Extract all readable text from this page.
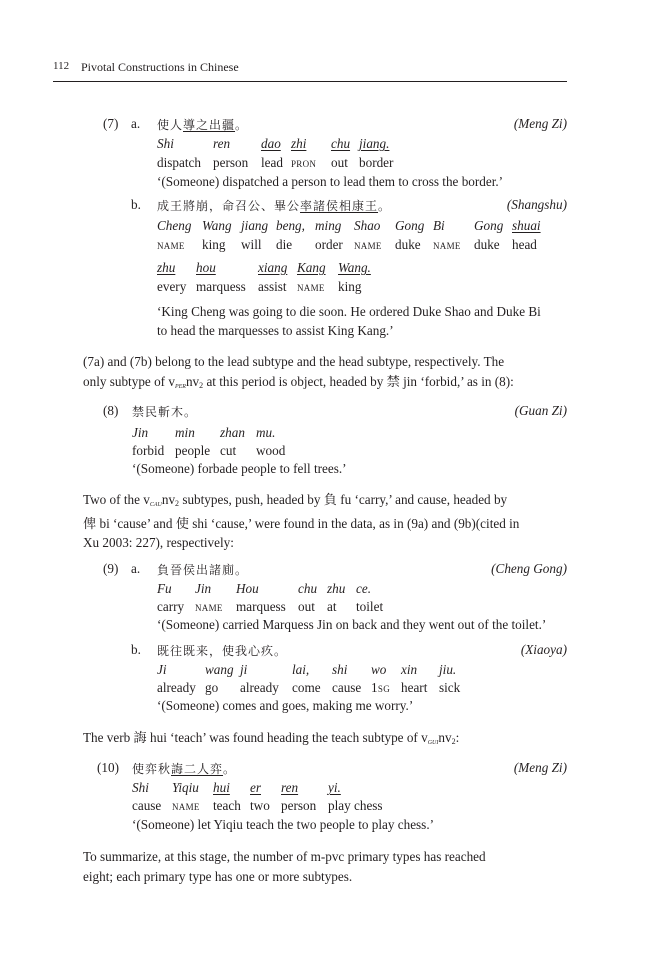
112 Pivotal Constructions in Chinese
(7) a. 使人導之出疆。	(Meng Zi)
Shi	ren dao zhi chu jiang.
dispatch person lead pron out border
‘(Someone) dispatched a person to lead them to cross the border.’
b. 成王將崩，命召公、畢公率諸侯相康王。	(Shangshu)
Cheng Wang jiang beng, ming Shao Gong Bi Gong shuai
name king will die order name duke name duke head
zhu hou	xiang Kang Wang.
every marquess assist name king
‘King Cheng was going to die soon. He ordered Duke Shao and Duke Bi
to head the marquesses to assist King Kang.’
(7a) and (7b) belong to the lead subtype and the head subtype, respectively. The
only subtype of $v_{per}nv_2$ at this period is object, headed by 禁 jin ‘forbid,’ as in (8):
(8) 禁民斬木。	(Guan Zi)
Jin min zhan mu.
forbid people cut wood
‘(Someone) forbade people to fell trees.’
Two of the $v_{cau}nv_2$ subtypes, push, headed by 負 fu ‘carry,’ and cause, headed by
俾 bi ‘cause’ and 使 shi ‘cause,’ were found in the data, as in (9a) and (9b)(cited in
Xu 2003: 227), respectively:
(9) a. 負晉侯出諸廁。	(Cheng Gong)
Fu Jin Hou	chu zhu ce.
carry name marquess out at toilet
‘(Someone) carried Marquess Jin on back and they went out of the toilet.’
b. 既往既来，使我心疚。	(Xiaoya)
Ji	wang ji	lai, shi wo xin jiu.
already go already come cause 1sg heart sick
‘(Someone) comes and goes, making me worry.’
The verb 誨 hui ‘teach’ was found heading the teach subtype of $v_{gui}nv_2$:
(10) 使弈秋誨二人弈。	(Meng Zi)
Shi Yiqiu hui er ren yi.
cause name teach two person play chess
‘(Someone) let Yiqiu teach the two people to play chess.’
To summarize, at this stage, the number of m-pvc primary types has reached
eight; each primary type has one or more subtypes.
